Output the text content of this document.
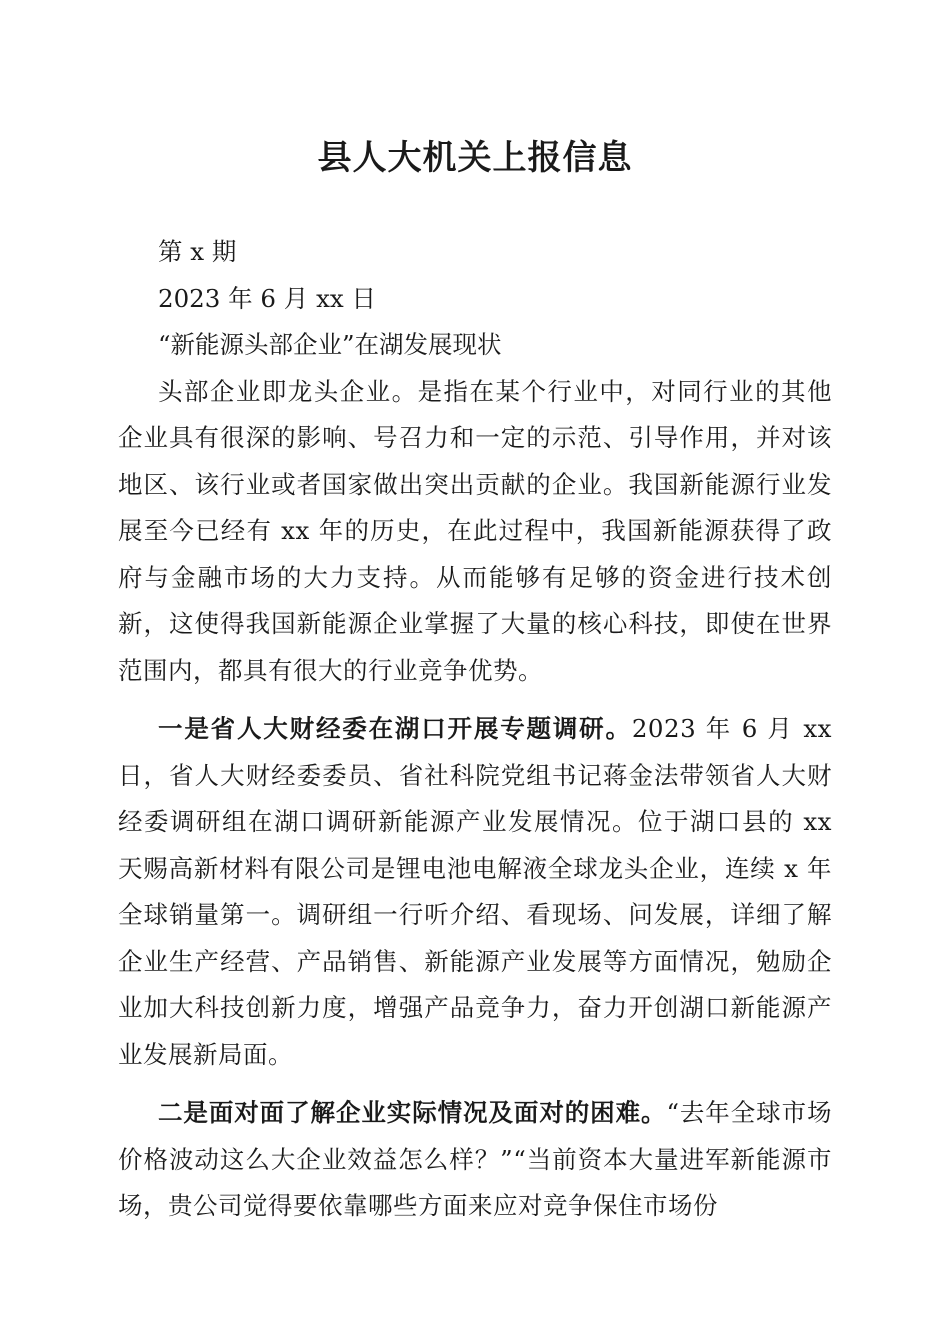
县人大机关上报信息

第 x 期

2023 年 6 月 xx 日

“新能源头部企业”在湖发展现状

头部企业即龙头企业。是指在某个行业中，对同行业的其他企业具有很深的影响、号召力和一定的示范、引导作用，并对该地区、该行业或者国家做出突出贡献的企业。我国新能源行业发展至今已经有 xx 年的历史，在此过程中，我国新能源获得了政府与金融市场的大力支持。从而能够有足够的资金进行技术创新，这使得我国新能源企业掌握了大量的核心科技，即使在世界范围内，都具有很大的行业竞争优势。

一是省人大财经委在湖口开展专题调研。2023 年 6 月 xx 日，省人大财经委委员、省社科院党组书记蒋金法带领省人大财经委调研组在湖口调研新能源产业发展情况。位于湖口县的 xx 天赐高新材料有限公司是锂电池电解液全球龙头企业，连续 x 年全球销量第一。调研组一行听介绍、看现场、问发展，详细了解企业生产经营、产品销售、新能源产业发展等方面情况，勉励企业加大科技创新力度，增强产品竞争力，奋力开创湖口新能源产业发展新局面。

二是面对面了解企业实际情况及面对的困难。“去年全球市场价格波动这么大企业效益怎么样？”“当前资本大量进军新能源市场，贵公司觉得要依靠哪些方面来应对竞争保住市场份
